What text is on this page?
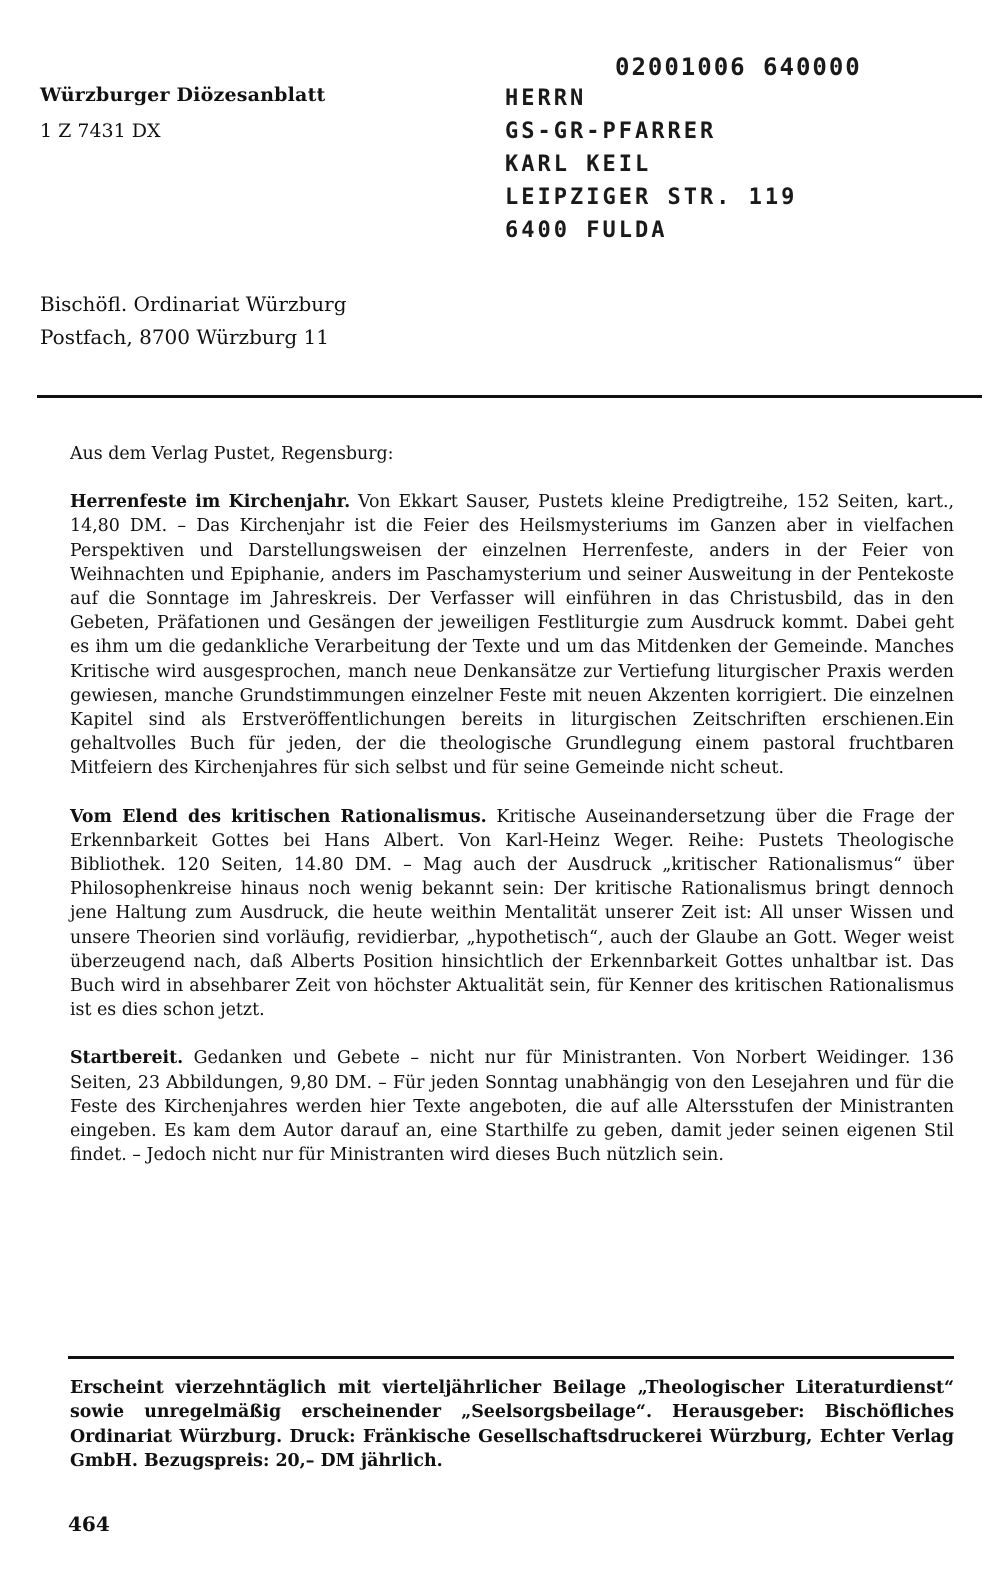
Würzburger Diözesanblatt
1 Z 7431 DX
02001006 640000
HERRN
GS-GR-PFARRER
KARL KEIL
LEIPZIGER STR. 119
6400 FULDA
Bischöfl. Ordinariat Würzburg
Postfach, 8700 Würzburg 11
Aus dem Verlag Pustet, Regensburg:
Herrenfeste im Kirchenjahr. Von Ekkart Sauser, Pustets kleine Predigtreihe, 152 Seiten, kart., 14,80 DM. – Das Kirchenjahr ist die Feier des Heilsmysteriums im Ganzen aber in vielfachen Perspektiven und Darstellungsweisen der einzelnen Herrenfeste, anders in der Feier von Weihnachten und Epiphanie, anders im Paschamysterium und seiner Ausweitung in der Pentekoste auf die Sonntage im Jahreskreis. Der Verfasser will einführen in das Christusbild, das in den Gebeten, Präfationen und Gesängen der jeweiligen Festliturgie zum Ausdruck kommt. Dabei geht es ihm um die gedankliche Verarbeitung der Texte und um das Mitdenken der Gemeinde. Manches Kritische wird ausgesprochen, manch neue Denkansätze zur Vertiefung liturgischer Praxis werden gewiesen, manche Grundstimmungen einzelner Feste mit neuen Akzenten korrigiert. Die einzelnen Kapitel sind als Erstveröffentlichungen bereits in liturgischen Zeitschriften erschienen.Ein gehaltvolles Buch für jeden, der die theologische Grundlegung einem pastoral fruchtbaren Mitfeiern des Kirchenjahres für sich selbst und für seine Gemeinde nicht scheut.
Vom Elend des kritischen Rationalismus. Kritische Auseinandersetzung über die Frage der Erkennbarkeit Gottes bei Hans Albert. Von Karl-Heinz Weger. Reihe: Pustets Theologische Bibliothek. 120 Seiten, 14.80 DM. – Mag auch der Ausdruck „kritischer Rationalismus“ über Philosophenkreise hinaus noch wenig bekannt sein: Der kritische Rationalismus bringt dennoch jene Haltung zum Ausdruck, die heute weithin Mentalität unserer Zeit ist: All unser Wissen und unsere Theorien sind vorläufig, revidierbar, „hypothetisch“, auch der Glaube an Gott. Weger weist überzeugend nach, daß Alberts Position hinsichtlich der Erkennbarkeit Gottes unhaltbar ist. Das Buch wird in absehbarer Zeit von höchster Aktualität sein, für Kenner des kritischen Rationalismus ist es dies schon jetzt.
Startbereit. Gedanken und Gebete – nicht nur für Ministranten. Von Norbert Weidinger. 136 Seiten, 23 Abbildungen, 9,80 DM. – Für jeden Sonntag unabhängig von den Lesejahren und für die Feste des Kirchenjahres werden hier Texte angeboten, die auf alle Altersstufen der Ministranten eingeben. Es kam dem Autor darauf an, eine Starthilfe zu geben, damit jeder seinen eigenen Stil findet. – Jedoch nicht nur für Ministranten wird dieses Buch nützlich sein.
Erscheint vierzehntäglich mit vierteljährlicher Beilage „Theologischer Literaturdienst“ sowie unregelmäßig erscheinender „Seelsorgsbeilage“. Herausgeber: Bischöfliches Ordinariat Würzburg. Druck: Fränkische Gesellschaftsdruckerei Würzburg, Echter Verlag GmbH. Bezugspreis: 20,– DM jährlich.
464
